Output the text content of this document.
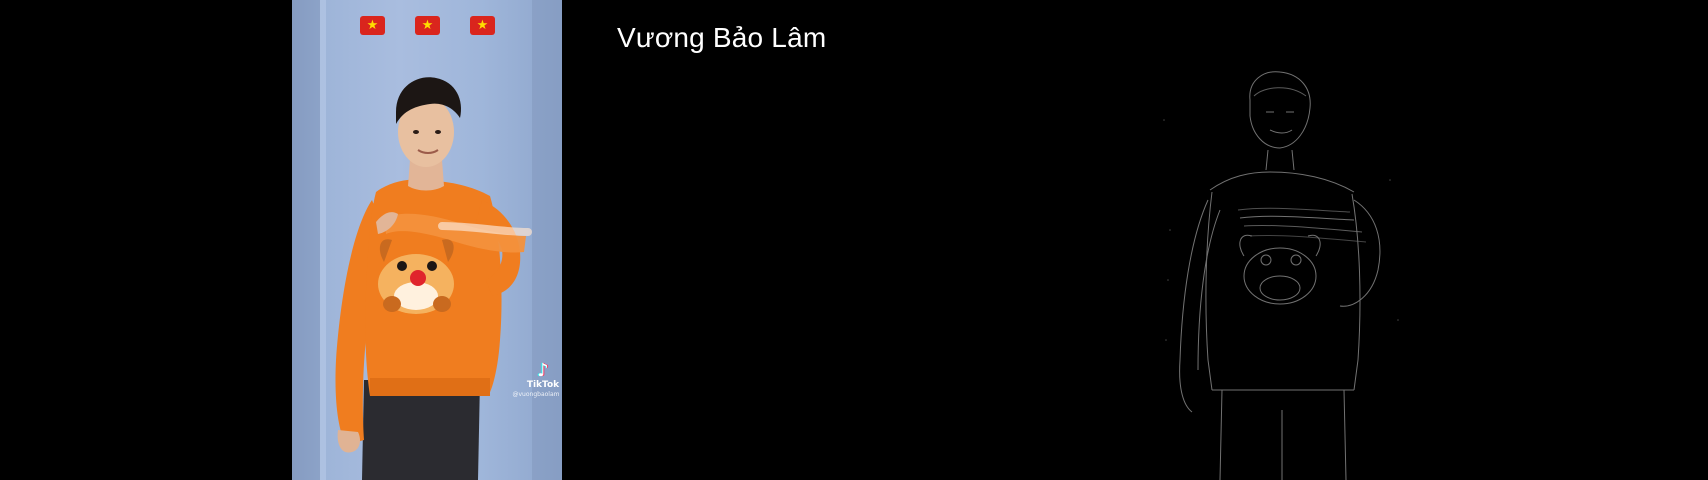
★	★	★
♪
TikTok
@vuongbaolam
Vương Bảo Lâm
